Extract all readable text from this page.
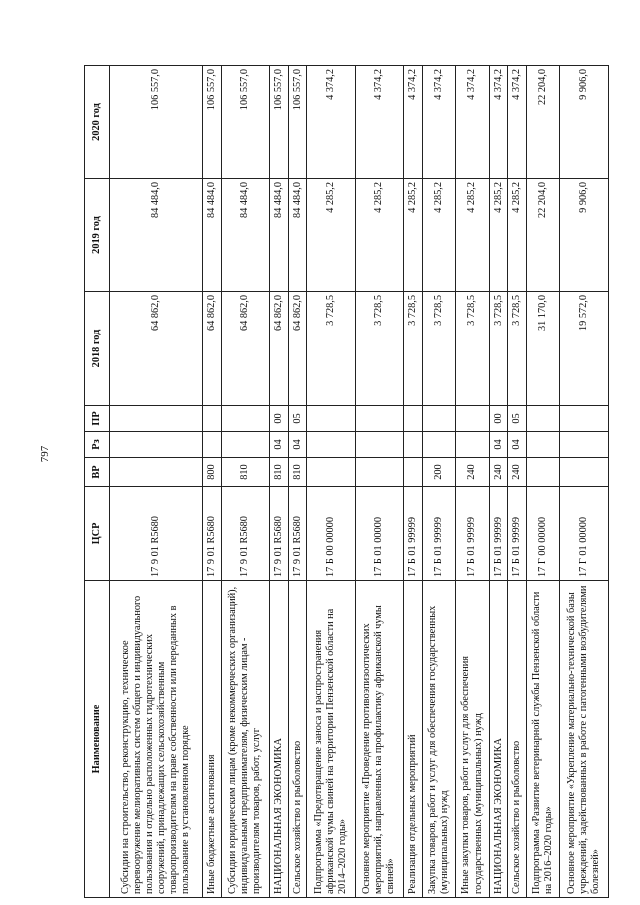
797
Наименование	ЦСР	ВР	Рз	ПР	2018 год	2019 год	2020 год
Субсидии на строительство, реконструкцию, техническое перевооружение мелиоративных систем общего и индивидуального пользования и отдельно расположенных гидротехнических сооружений, принадлежащих сельскохозяйственным товаропроизводителям на праве собственности или переданных в пользование в установленном порядке	17 9 01 R5680				64 862,0	84 484,0	106 557,0
Иные бюджетные ассигнования	17 9 01 R5680	800			64 862,0	84 484,0	106 557,0
Субсидии юридическим лицам (кроме некоммерческих организаций), индивидуальным предпринимателям, физическим лицам - производителям товаров, работ, услуг	17 9 01 R5680	810			64 862,0	84 484,0	106 557,0
НАЦИОНАЛЬНАЯ ЭКОНОМИКА	17 9 01 R5680	810	04	00	64 862,0	84 484,0	106 557,0
Сельское хозяйство и рыболовство	17 9 01 R5680	810	04	05	64 862,0	84 484,0	106 557,0
Подпрограмма «Предотвращение заноса и распространения африканской чумы свиней на территории Пензенской области на 2014–2020 годы»	17 Б 00 00000				3 728,5	4 285,2	4 374,2
Основное мероприятие «Проведение противоэпизоотических мероприятий, направленных на профилактику африканской чумы свиней»	17 Б 01 00000				3 728,5	4 285,2	4 374,2
Реализация отдельных мероприятий	17 Б 01 99999				3 728,5	4 285,2	4 374,2
Закупка товаров, работ и услуг для обеспечения государственных (муниципальных) нужд	17 Б 01 99999	200			3 728,5	4 285,2	4 374,2
Иные закупки товаров, работ и услуг для обеспечения государственных (муниципальных) нужд	17 Б 01 99999	240			3 728,5	4 285,2	4 374,2
НАЦИОНАЛЬНАЯ ЭКОНОМИКА	17 Б 01 99999	240	04	00	3 728,5	4 285,2	4 374,2
Сельское хозяйство и рыболовство	17 Б 01 99999	240	04	05	3 728,5	4 285,2	4 374,2
Подпрограмма «Развитие ветеринарной службы Пензенской области на 2016–2020 годы»	17 Г 00 00000				31 170,0	22 204,0	22 204,0
Основное мероприятие «Укрепление материально-технической базы учреждений, задействованных в работе с патогенными возбудителями болезней»	17 Г 01 00000				19 572,0	9 906,0	9 906,0
